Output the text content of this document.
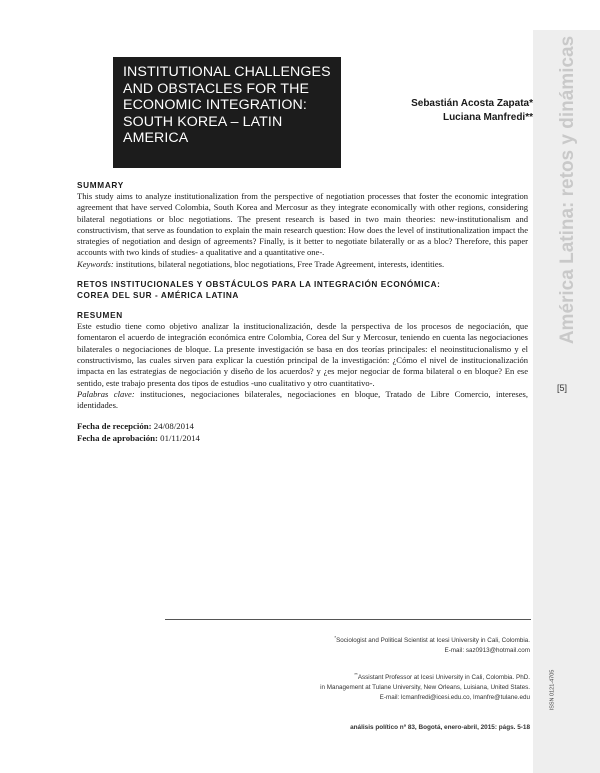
América Latina: retos y dinámicas
[5]
ISSN 0121-4705

INSTITUTIONAL CHALLENGES
AND OBSTACLES FOR THE
ECONOMIC INTEGRATION:
SOUTH KOREA – LATIN
AMERICA

Sebastián Acosta Zapata*
Luciana Manfredi**

SUMMARY

This study aims to analyze institutionalization from the perspective of negotiation processes that foster the economic integration agreement that have served Colombia, South Korea and Mercosur as they integrate economically with other regions, considering bilateral negotiations or bloc negotiations. The present research is based in two main theories: new-institutionalism and constructivism, that serve as foundation to explain the main research question: How does the level of institutionalization impact the strategies of negotiation and design of agreements? Finally, is it better to negotiate bilaterally or as a bloc? Therefore, this paper accounts with two kinds of studies- a qualitative and a quantitative one-.

Keywords: institutions, bilateral negotiations, bloc negotiations, Free Trade Agreement, interests, identities.

RETOS INSTITUCIONALES Y OBSTÁCULOS PARA LA INTEGRACIÓN ECONÓMICA:
COREA DEL SUR - AMÉRICA LATINA

RESUMEN

Este estudio tiene como objetivo analizar la institucionalización, desde la perspectiva de los procesos de negociación, que fomentaron el acuerdo de integración económica entre Colombia, Corea del Sur y Mercosur, teniendo en cuenta las negociaciones bilaterales o negociaciones de bloque. La presente investigación se basa en dos teorías principales: el neoinstitucionalismo y el constructivismo, las cuales sirven para explicar la cuestión principal de la investigación: ¿Cómo el nivel de institucionalización impacta en las estrategias de negociación y diseño de los acuerdos? y ¿es mejor negociar de forma bilateral o en bloque? En ese sentido, este trabajo presenta dos tipos de estudios -uno cualitativo y otro cuantitativo-.

Palabras clave: instituciones, negociaciones bilaterales, negociaciones en bloque, Tratado de Libre Comercio, intereses, identidades.

Fecha de recepción: 24/08/2014

Fecha de aprobación: 01/11/2014

*Sociologist and Political Scientist at Icesi University in Cali, Colombia.
E-mail: saz0913@hotmail.com
**Assistant Professor at Icesi University in Cali, Colombia. PhD.
in Management at Tulane University, New Orleans, Luisiana, United States.
E-mail: lcmanfredi@icesi.edu.co, lmanfre@tulane.edu
análisis político nº 83, Bogotá, enero-abril, 2015: págs. 5-18
